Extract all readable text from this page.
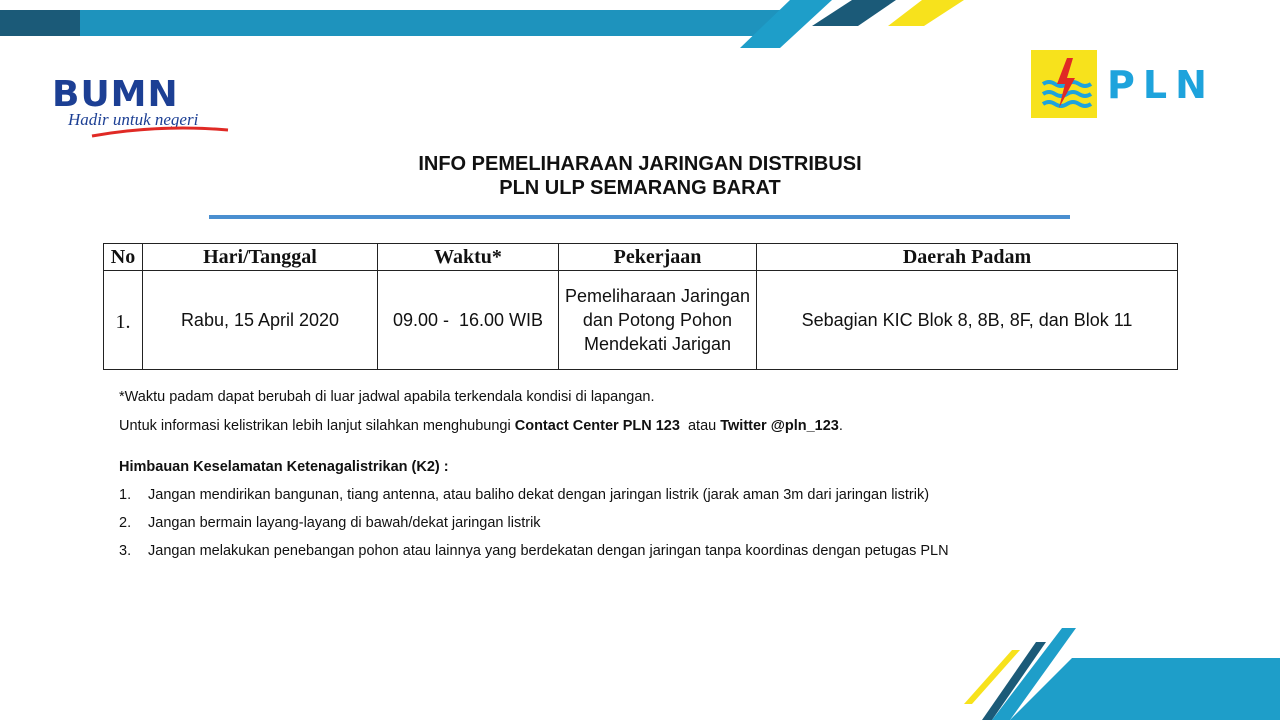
BUMN
Hadir untuk negeri
PLN
INFO PEMELIHARAAN JARINGAN DISTRIBUSI
PLN ULP SEMARANG BARAT
No	Hari/Tanggal	Waktu*	Pekerjaan	Daerah Padam
1.	Rabu, 15 April 2020	09.00 -  16.00 WIB	Pemeliharaan Jaringan dan Potong Pohon Mendekati Jarigan	Sebagian KIC Blok 8, 8B, 8F, dan Blok 11
*Waktu padam dapat berubah di luar jadwal apabila terkendala kondisi di lapangan.
Untuk informasi kelistrikan lebih lanjut silahkan menghubungi Contact Center PLN 123  atau Twitter @pln_123.
Himbauan Keselamatan Ketenagalistrikan (K2) :
1. Jangan mendirikan bangunan, tiang antenna, atau baliho dekat dengan jaringan listrik (jarak aman 3m dari jaringan listrik)
2. Jangan bermain layang-layang di bawah/dekat jaringan listrik
3. Jangan melakukan penebangan pohon atau lainnya yang berdekatan dengan jaringan tanpa koordinas dengan petugas PLN
